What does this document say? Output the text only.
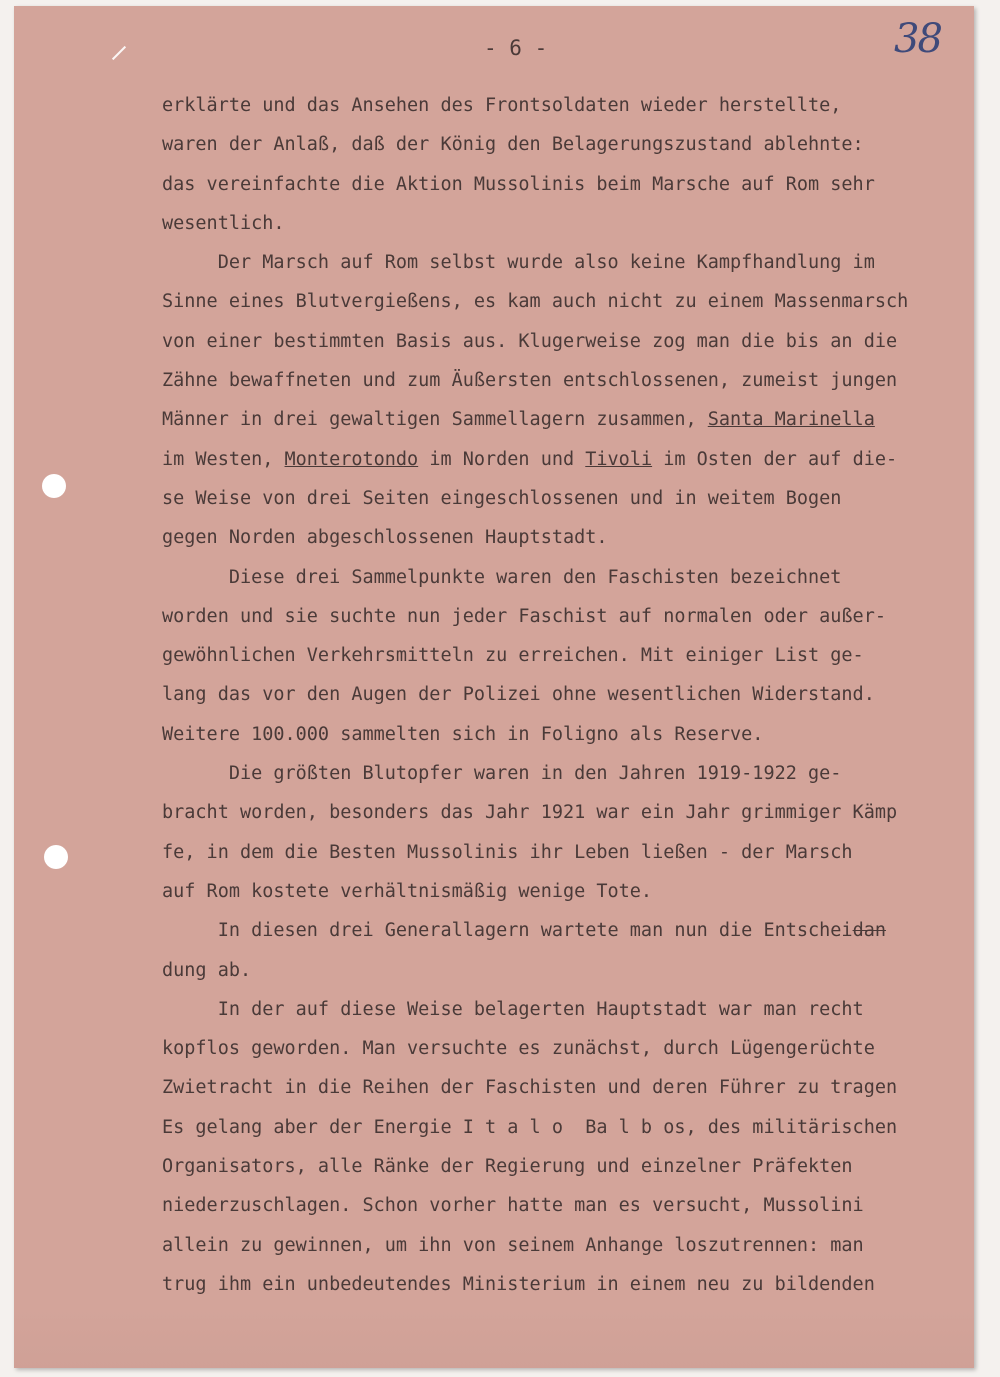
- 6 -	38
erklärte und das Ansehen des Frontsoldaten wieder herstellte,
waren der Anlaß, daß der König den Belagerungszustand ablehnte:
das vereinfachte die Aktion Mussolinis beim Marsche auf Rom sehr
wesentlich.
Der Marsch auf Rom selbst wurde also keine Kampfhandlung im
Sinne eines Blutvergießens, es kam auch nicht zu einem Massenmarsch
von einer bestimmten Basis aus. Klugerweise zog man die bis an die
Zähne bewaffneten und zum Äußersten entschlossenen, zumeist jungen
Männer in drei gewaltigen Sammellagern zusammen, Santa Marinella
im Westen, Monterotondo im Norden und Tivoli im Osten der auf die-
se Weise von drei Seiten eingeschlossenen und in weitem Bogen
gegen Norden abgeschlossenen Hauptstadt.
Diese drei Sammelpunkte waren den Faschisten bezeichnet
worden und sie suchte nun jeder Faschist auf normalen oder außer-
gewöhnlichen Verkehrsmitteln zu erreichen. Mit einiger List ge-
lang das vor den Augen der Polizei ohne wesentlichen Widerstand.
Weitere 100.000 sammelten sich in Foligno als Reserve.
Die größten Blutopfer waren in den Jahren 1919-1922 ge-
bracht worden, besonders das Jahr 1921 war ein Jahr grimmiger Kämp
fe, in dem die Besten Mussolinis ihr Leben ließen - der Marsch
auf Rom kostete verhältnismäßig wenige Tote.
In diesen drei Generallagern wartete man nun die Entscheidan
dung ab.
In der auf diese Weise belagerten Hauptstadt war man recht
kopflos geworden. Man versuchte es zunächst, durch Lügengerüchte
Zwietracht in die Reihen der Faschisten und deren Führer zu tragen
Es gelang aber der Energie I t a l o  Ba l b os, des militärischen
Organisators, alle Ränke der Regierung und einzelner Präfekten
niederzuschlagen. Schon vorher hatte man es versucht, Mussolini
allein zu gewinnen, um ihn von seinem Anhange loszutrennen: man
trug ihm ein unbedeutendes Ministerium in einem neu zu bildenden
